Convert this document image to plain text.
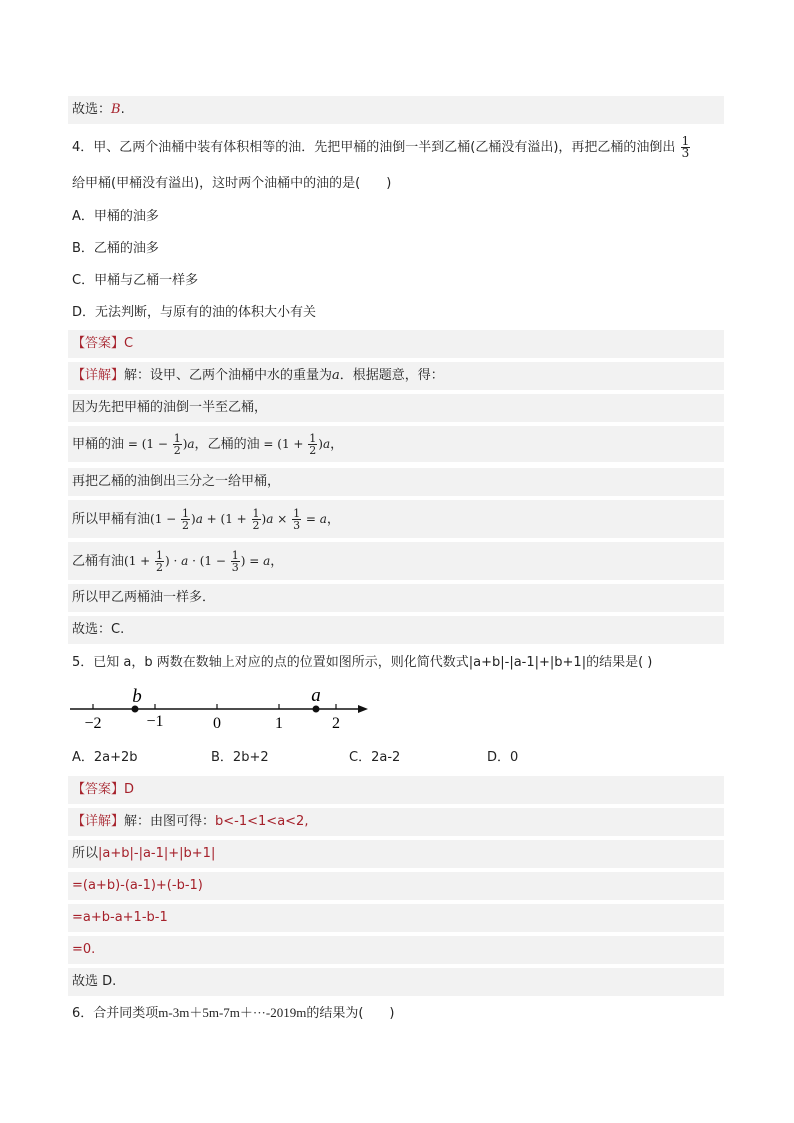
故选：B.
4．甲、乙两个油桶中装有体积相等的油．先把甲桶的油倒一半到乙桶(乙桶没有溢出)，再把乙桶的油倒出 $\frac{1}{3}$
给甲桶(甲桶没有溢出)，这时两个油桶中的油的是(　　)
A．甲桶的油多
B．乙桶的油多
C．甲桶与乙桶一样多
D．无法判断，与原有的油的体积大小有关
【答案】C
【详解】解：设甲、乙两个油桶中水的重量为a．根据题意，得：
因为先把甲桶的油倒一半至乙桶，
甲桶的油 = $(1 - \frac{1}{2} )a$，乙桶的油 = $(1 + \frac{1}{2} )a$，
再把乙桶的油倒出三分之一给甲桶，
所以甲桶有油$(1 - \frac{1}{2} )a + (1 + \frac{1}{2} )a \times \frac{1}{3} = a$，
乙桶有油($1 + \frac{1}{2}$ ) · $a \cdot (1 - \frac{1}{3}$ ) = a，
所以甲乙两桶油一样多．
故选：C.
5．已知 a，b 两数在数轴上对应的点的位置如图所示，则化简代数式|a+b|-|a-1|+|b+1|的结果是( )
−2	−1	0	1	2
b	a
A．2a+2b	B．2b+2	C．2a-2	D．0
【答案】D
【详解】解：由图可得：b<-1<1<a<2,
所以|a+b|-|a-1|+|b+1|
=(a+b)-(a-1)+(-b-1)
=a+b-a+1-b-1
=0.
故选 D.
6．合并同类项m-3m＋5m-7m＋···-2019m的结果为(　　)
